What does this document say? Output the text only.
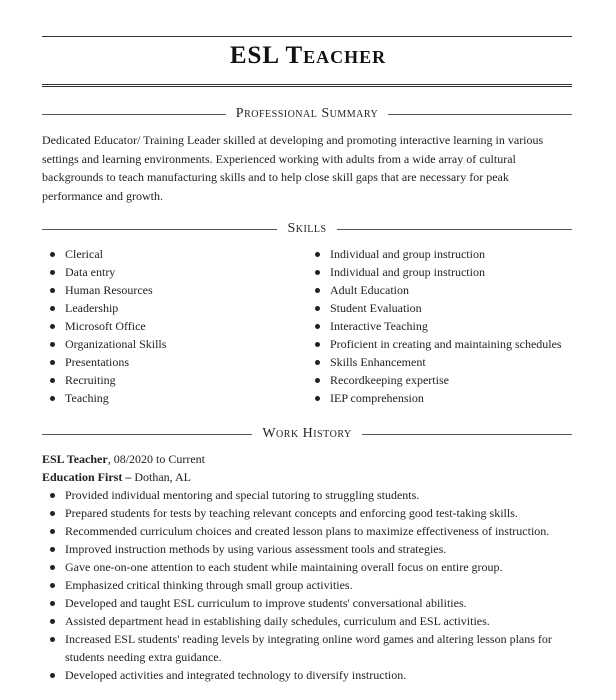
ESL Teacher
Professional Summary
Dedicated Educator/ Training Leader skilled at developing and promoting interactive learning in various settings and learning environments. Experienced working with adults from a wide array of cultural backgrounds to teach manufacturing skills and to help close skill gaps that are necessary for peak performance and growth.
Skills
Clerical
Data entry
Human Resources
Leadership
Microsoft Office
Organizational Skills
Presentations
Recruiting
Teaching
Individual and group instruction
Individual and group instruction
Adult Education
Student Evaluation
Interactive Teaching
Proficient in creating and maintaining schedules
Skills Enhancement
Recordkeeping expertise
IEP comprehension
Work History
ESL Teacher, 08/2020 to Current
Education First – Dothan, AL
Provided individual mentoring and special tutoring to struggling students.
Prepared students for tests by teaching relevant concepts and enforcing good test-taking skills.
Recommended curriculum choices and created lesson plans to maximize effectiveness of instruction.
Improved instruction methods by using various assessment tools and strategies.
Gave one-on-one attention to each student while maintaining overall focus on entire group.
Emphasized critical thinking through small group activities.
Developed and taught ESL curriculum to improve students' conversational abilities.
Assisted department head in establishing daily schedules, curriculum and ESL activities.
Increased ESL students' reading levels by integrating online word games and altering lesson plans for students needing extra guidance.
Developed activities and integrated technology to diversify instruction.
